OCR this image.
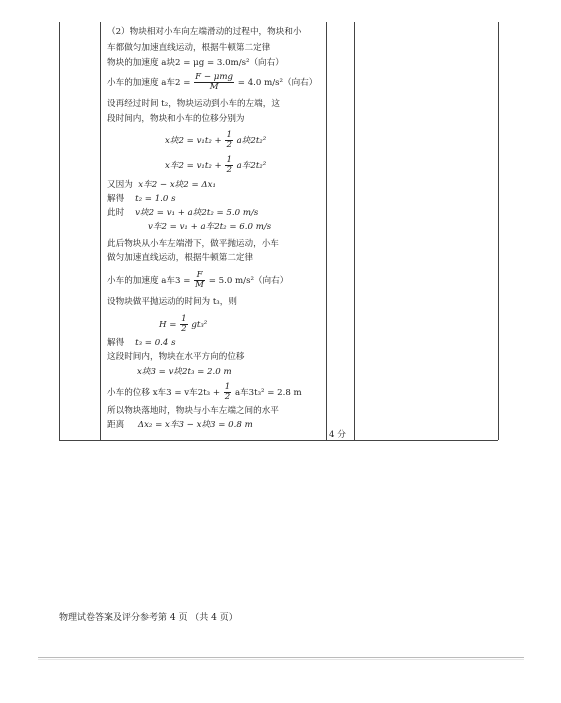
（2）物块相对小车向左端滑动的过程中，物块和小
车都做匀加速直线运动，根据牛顿第二定律
物块的加速度 a块2 = μg = 3.0m/s²（向右）
小车的加速度 a车$2 = \frac{\text{F − μmg}}{M} = 4.0$ m/s²（向右）
设再经过时间 t₂，物块运动到小车的左端，这
段时间内，物块和小车的位移分别为
x块$2 = v_1t_2 + \frac{1}{2}$ a块2t₂²
x车$2 = v_1t_2 + \frac{1}{2}$ a车2t₂²
又因为 x车2 − x块2 = Δx₁
解得 t₂ = 1.0 s
此时 v块2 = v₁ + a块2t₂ = 5.0 m/s
v车2 = v₁ + a车2t₂ = 6.0 m/s
此后物块从小车左端滑下，做平抛运动，小车
做匀加速直线运动，根据牛顿第二定律
小车的加速度 a车$3 = \frac{F}{M} = 5.0$ m/s²（向右）
设物块做平抛运动的时间为 t₃，则
$H = \frac{1}{2} gt_3^2$
解得 t₃ = 0.4 s
这段时间内，物块在水平方向的位移
x块3 = v块2t₃ = 2.0 m
小车的位移 x车3 = v车$2t_3 + \frac{1}{2}$ a车3t₃² = 2.8 m
所以物块落地时，物块与小车左端之间的水平
距离 Δx₂ = x车3 − x块3 = 0.8 m
4 分
物理试卷答案及评分参考第 4 页 （共 4 页）
